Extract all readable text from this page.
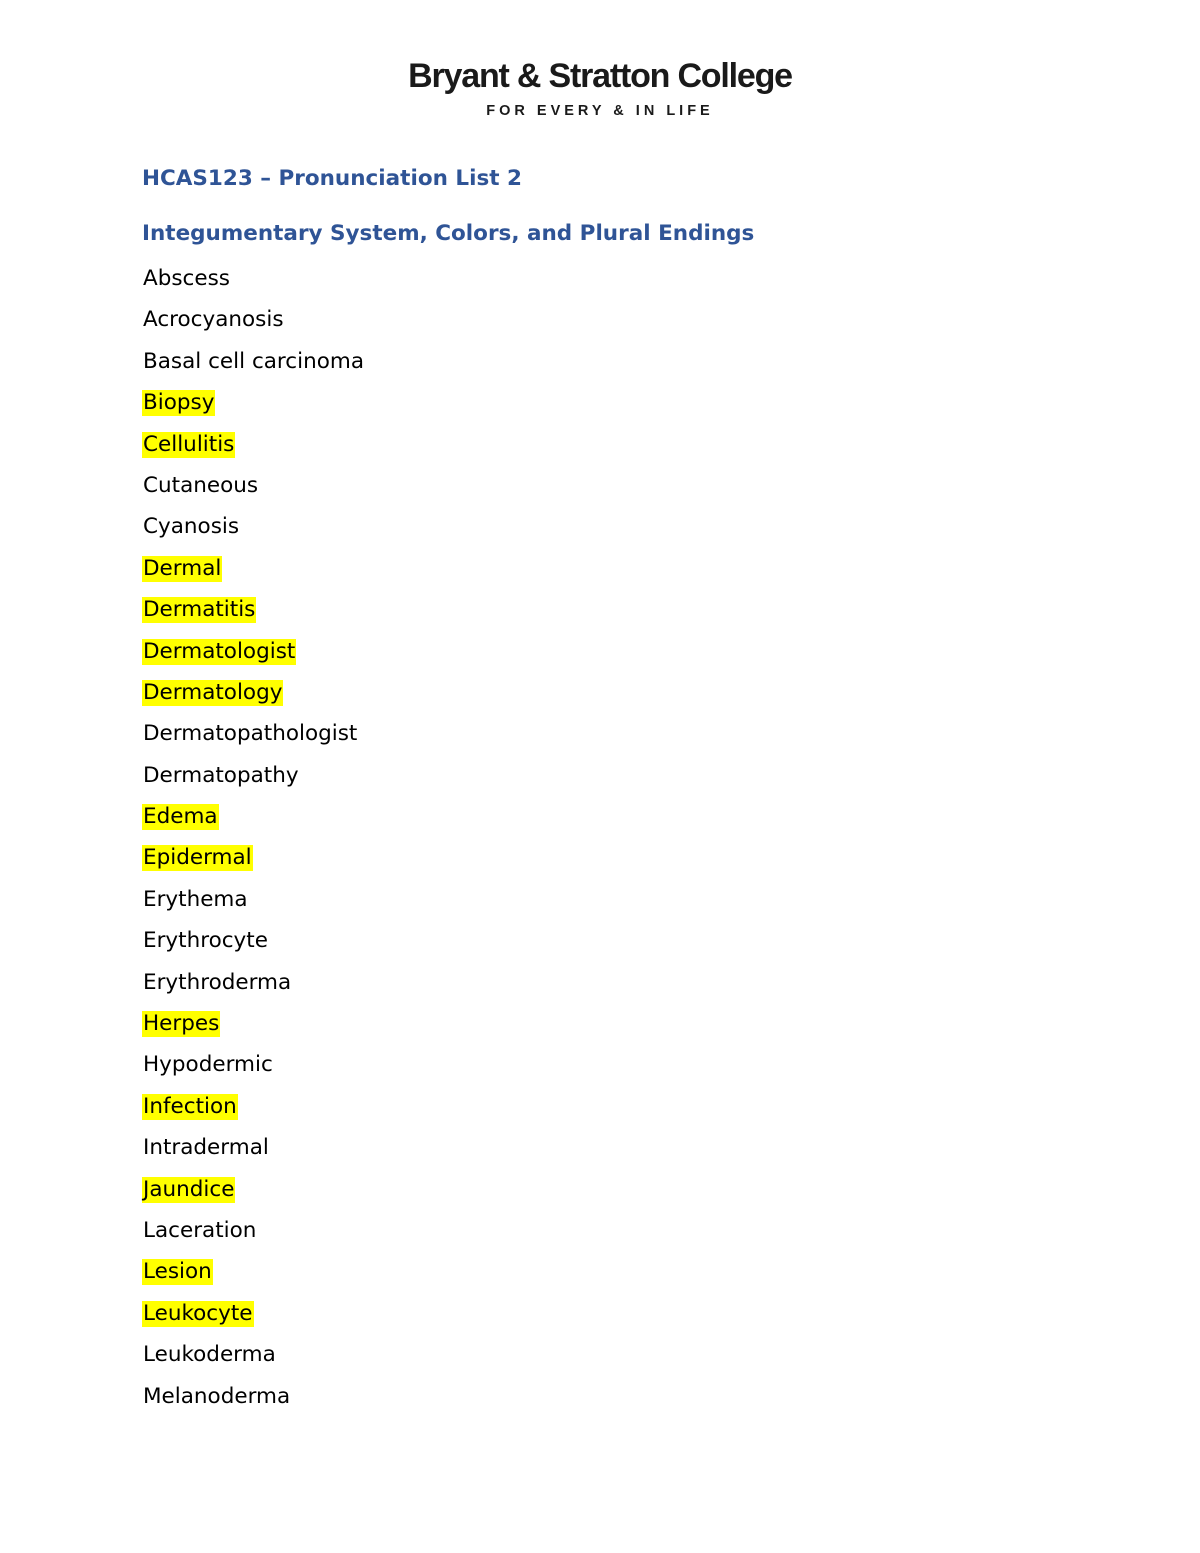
Bryant & Stratton College
FOR EVERY & IN LIFE
HCAS123 – Pronunciation List 2
Integumentary System, Colors, and Plural Endings
Abscess
Acrocyanosis
Basal cell carcinoma
Biopsy
Cellulitis
Cutaneous
Cyanosis
Dermal
Dermatitis
Dermatologist
Dermatology
Dermatopathologist
Dermatopathy
Edema
Epidermal
Erythema
Erythrocyte
Erythroderma
Herpes
Hypodermic
Infection
Intradermal
Jaundice
Laceration
Lesion
Leukocyte
Leukoderma
Melanoderma
